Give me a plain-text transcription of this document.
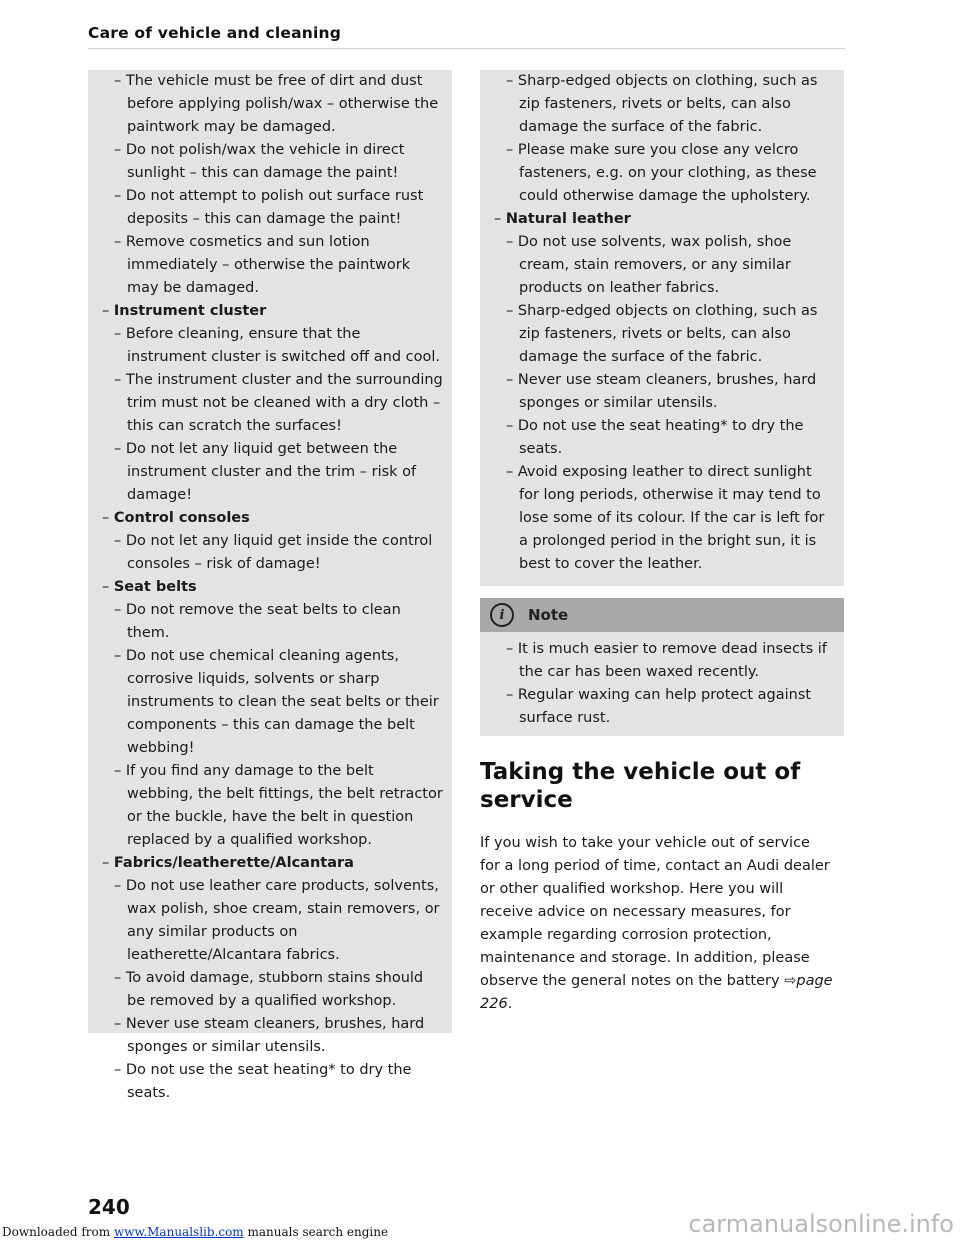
Care of vehicle and cleaning
– The vehicle must be free of dirt and dust before applying polish/wax – otherwise the paintwork may be damaged.
– Do not polish/wax the vehicle in direct sunlight – this can damage the paint!
– Do not attempt to polish out surface rust deposits – this can damage the paint!
– Remove cosmetics and sun lotion immediately – otherwise the paintwork may be damaged.
– Instrument cluster
– Before cleaning, ensure that the instrument cluster is switched off and cool.
– The instrument cluster and the surrounding trim must not be cleaned with a dry cloth – this can scratch the surfaces!
– Do not let any liquid get between the instrument cluster and the trim – risk of damage!
– Control consoles
– Do not let any liquid get inside the control consoles – risk of damage!
– Seat belts
– Do not remove the seat belts to clean them.
– Do not use chemical cleaning agents, corrosive liquids, solvents or sharp instruments to clean the seat belts or their components – this can damage the belt webbing!
– If you find any damage to the belt webbing, the belt fittings, the belt retractor or the buckle, have the belt in question replaced by a qualified workshop.
– Fabrics/leatherette/Alcantara
– Do not use leather care products, solvents, wax polish, shoe cream, stain removers, or any similar products on leatherette/Alcantara fabrics.
– To avoid damage, stubborn stains should be removed by a qualified workshop.
– Never use steam cleaners, brushes, hard sponges or similar utensils.
– Do not use the seat heating* to dry the seats.
– Sharp-edged objects on clothing, such as zip fasteners, rivets or belts, can also damage the surface of the fabric.
– Please make sure you close any velcro fasteners, e.g. on your clothing, as these could otherwise damage the upholstery.
– Natural leather
– Do not use solvents, wax polish, shoe cream, stain removers, or any similar products on leather fabrics.
– Sharp-edged objects on clothing, such as zip fasteners, rivets or belts, can also damage the surface of the fabric.
– Never use steam cleaners, brushes, hard sponges or similar utensils.
– Do not use the seat heating* to dry the seats.
– Avoid exposing leather to direct sunlight for long periods, otherwise it may tend to lose some of its colour. If the car is left for a prolonged period in the bright sun, it is best to cover the leather.
i	Note
– It is much easier to remove dead insects if the car has been waxed recently.
– Regular waxing can help protect against surface rust.
Taking the vehicle out of service
If you wish to take your vehicle out of service for a long period of time, contact an Audi dealer or other qualified workshop. Here you will receive advice on necessary measures, for example regarding corrosion protection, maintenance and storage. In addition, please observe the general notes on the battery ⇨page 226.
240
Downloaded from www.Manualslib.com manuals search engine	carmanualsonline.info
